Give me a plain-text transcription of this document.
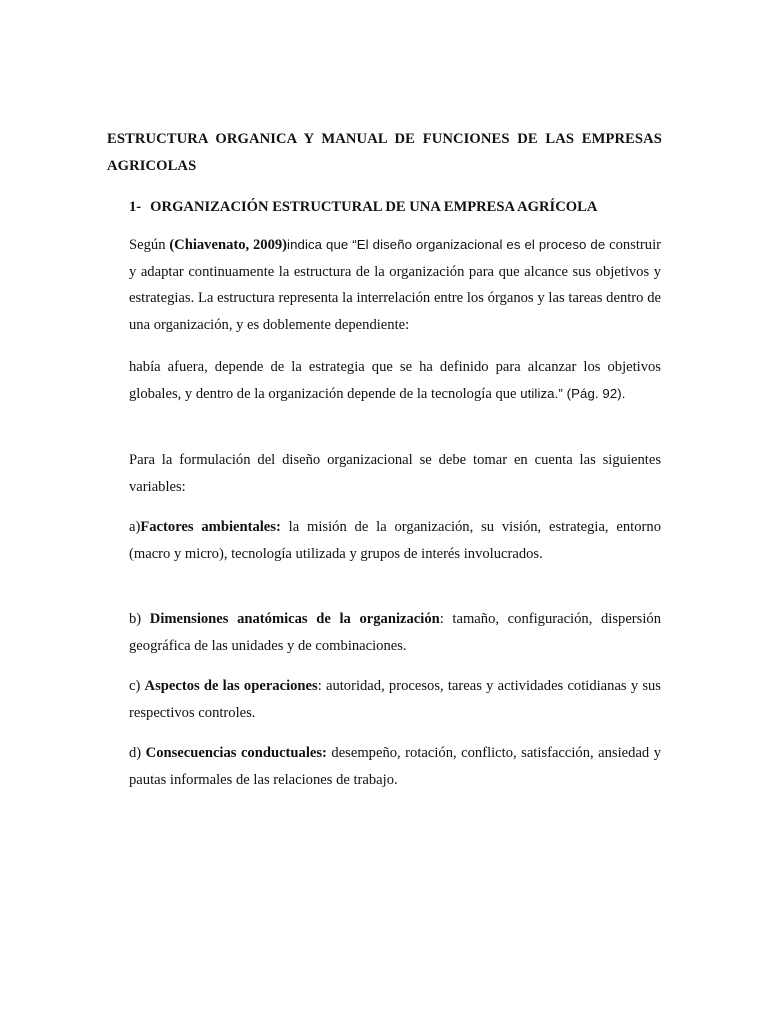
ESTRUCTURA ORGANICA Y MANUAL DE FUNCIONES DE LAS EMPRESAS AGRICOLAS
1- ORGANIZACIÓN ESTRUCTURAL DE UNA EMPRESA AGRÍCOLA

Según (Chiavenato, 2009)indica que “El diseño organizacional es el proceso de construir y adaptar continuamente la estructura de la organización para que alcance sus objetivos y estrategias. La estructura representa la interrelación entre los órganos y las tareas dentro de una organización, y es doblemente dependiente:

había afuera, depende de la estrategia que se ha definido para alcanzar los objetivos globales, y dentro de la organización depende de la tecnología que utiliza.” (Pág. 92).

Para la formulación del diseño organizacional se debe tomar en cuenta las siguientes variables:

a)Factores ambientales: la misión de la organización, su visión, estrategia, entorno (macro y micro), tecnología utilizada y grupos de interés involucrados.

b) Dimensiones anatómicas de la organización: tamaño, configuración, dispersión geográfica de las unidades y de combinaciones.

c) Aspectos de las operaciones: autoridad, procesos, tareas y actividades cotidianas y sus respectivos controles.

d) Consecuencias conductuales: desempeño, rotación, conflicto, satisfacción, ansiedad y pautas informales de las relaciones de trabajo.
